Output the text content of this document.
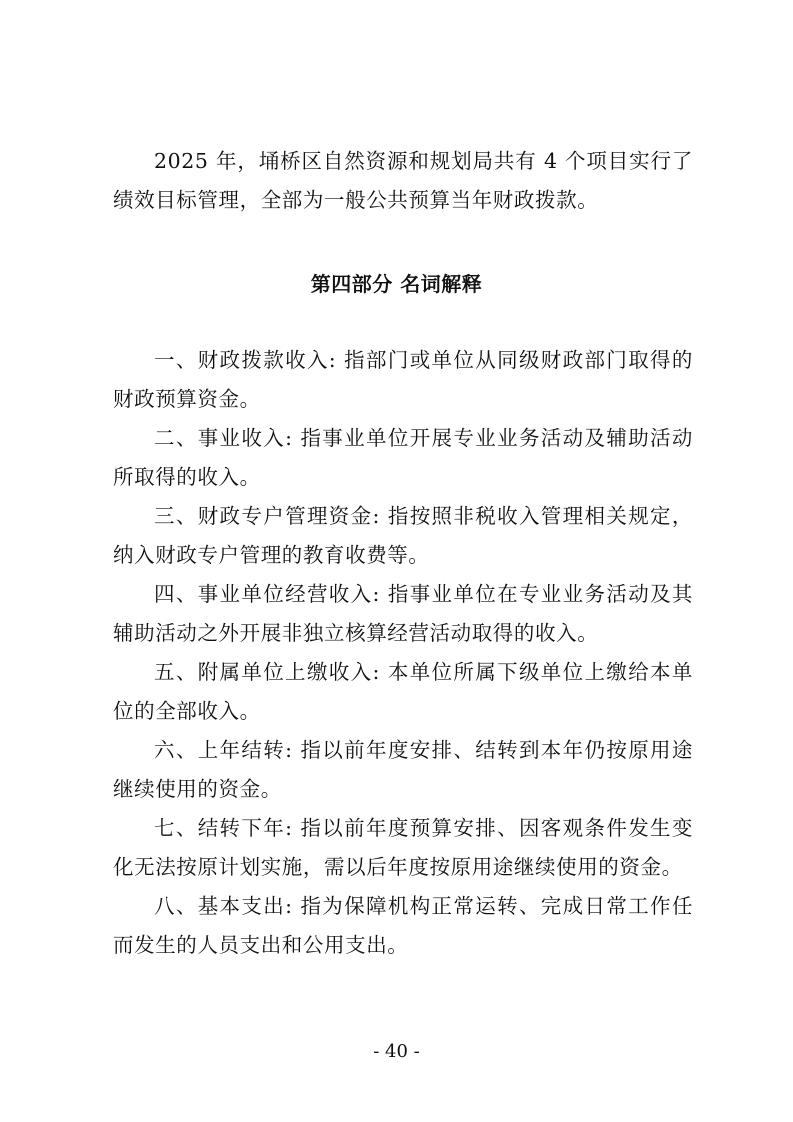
2025 年，埇桥区自然资源和规划局共有 4 个项目实行了绩效目标管理，全部为一般公共预算当年财政拨款。

第四部分 名词解释

一、财政拨款收入: 指部门或单位从同级财政部门取得的财政预算资金。

二、事业收入: 指事业单位开展专业业务活动及辅助活动所取得的收入。

三、财政专户管理资金: 指按照非税收入管理相关规定，纳入财政专户管理的教育收费等。

四、事业单位经营收入: 指事业单位在专业业务活动及其辅助活动之外开展非独立核算经营活动取得的收入。

五、附属单位上缴收入: 本单位所属下级单位上缴给本单位的全部收入。

六、上年结转: 指以前年度安排、结转到本年仍按原用途继续使用的资金。

七、结转下年: 指以前年度预算安排、因客观条件发生变化无法按原计划实施，需以后年度按原用途继续使用的资金。

八、基本支出: 指为保障机构正常运转、完成日常工作任而发生的人员支出和公用支出。

- 40 -
